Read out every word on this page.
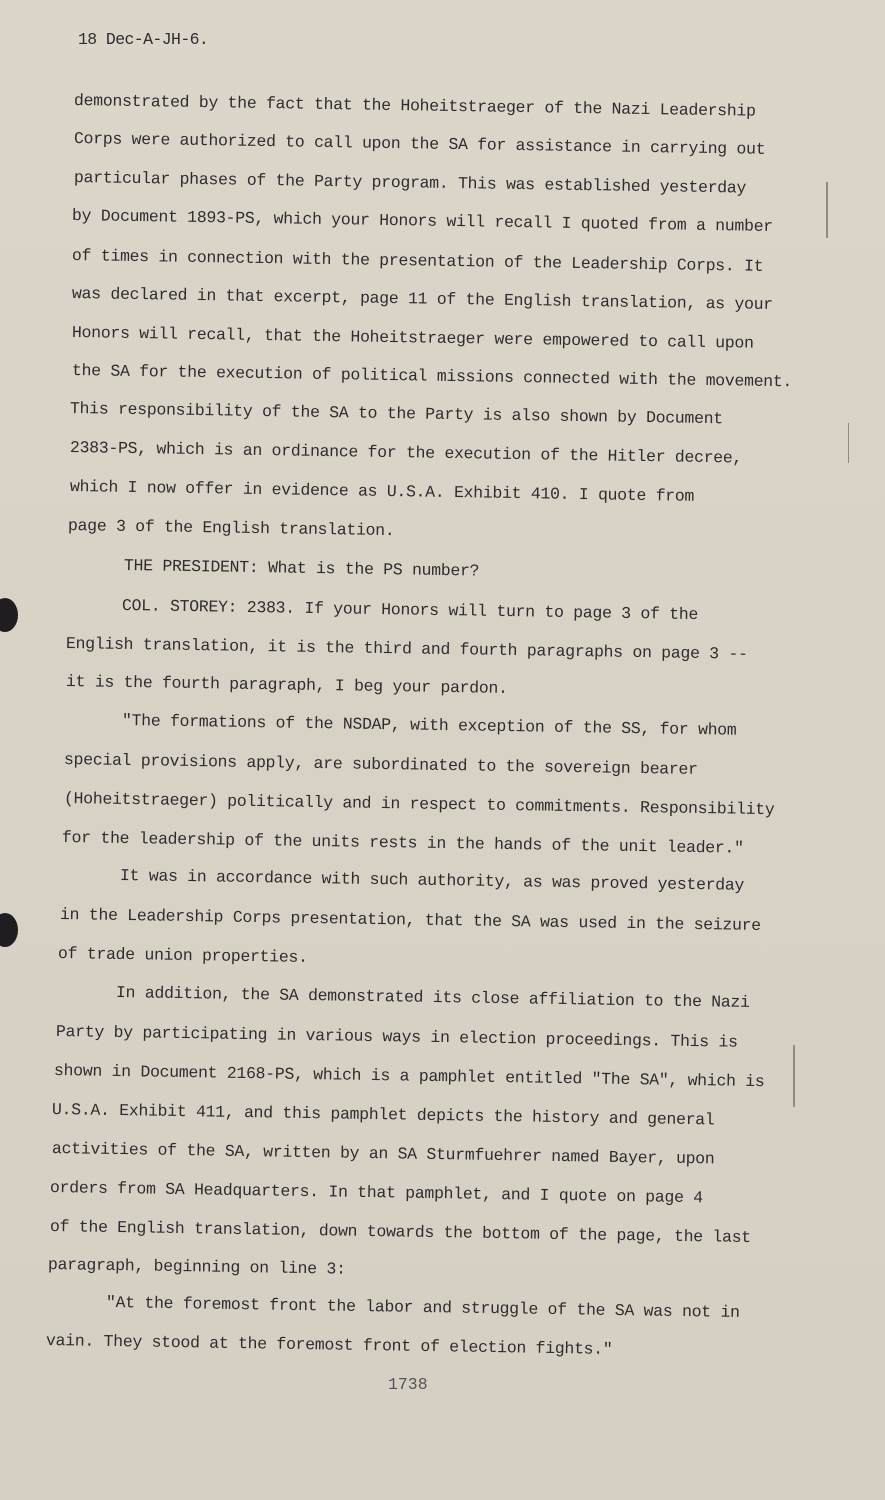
18 Dec-A-JH-6.
demonstrated by the fact that the Hoheitstraeger of the Nazi Leadership
Corps were authorized to call upon the SA for assistance in carrying out
particular phases of the Party program. This was established yesterday
by Document 1893-PS, which your Honors will recall I quoted from a number
of times in connection with the presentation of the Leadership Corps. It
was declared in that excerpt, page 11 of the English translation, as your
Honors will recall, that the Hoheitstraeger were empowered to call upon
the SA for the execution of political missions connected with the movement.
This responsibility of the SA to the Party is also shown by Document
2383-PS, which is an ordinance for the execution of the Hitler decree,
which I now offer in evidence as U.S.A. Exhibit 410. I quote from
page 3 of the English translation.
THE PRESIDENT: What is the PS number?
COL. STOREY: 2383. If your Honors will turn to page 3 of the
English translation, it is the third and fourth paragraphs on page 3 --
it is the fourth paragraph, I beg your pardon.
"The formations of the NSDAP, with exception of the SS, for whom
special provisions apply, are subordinated to the sovereign bearer
(Hoheitstraeger) politically and in respect to commitments. Responsibility
for the leadership of the units rests in the hands of the unit leader."
It was in accordance with such authority, as was proved yesterday
in the Leadership Corps presentation, that the SA was used in the seizure
of trade union properties.
In addition, the SA demonstrated its close affiliation to the Nazi
Party by participating in various ways in election proceedings. This is
shown in Document 2168-PS, which is a pamphlet entitled "The SA", which is
U.S.A. Exhibit 411, and this pamphlet depicts the history and general
activities of the SA, written by an SA Sturmfuehrer named Bayer, upon
orders from SA Headquarters. In that pamphlet, and I quote on page 4
of the English translation, down towards the bottom of the page, the last
paragraph, beginning on line 3:
"At the foremost front the labor and struggle of the SA was not in
vain. They stood at the foremost front of election fights."
1738
